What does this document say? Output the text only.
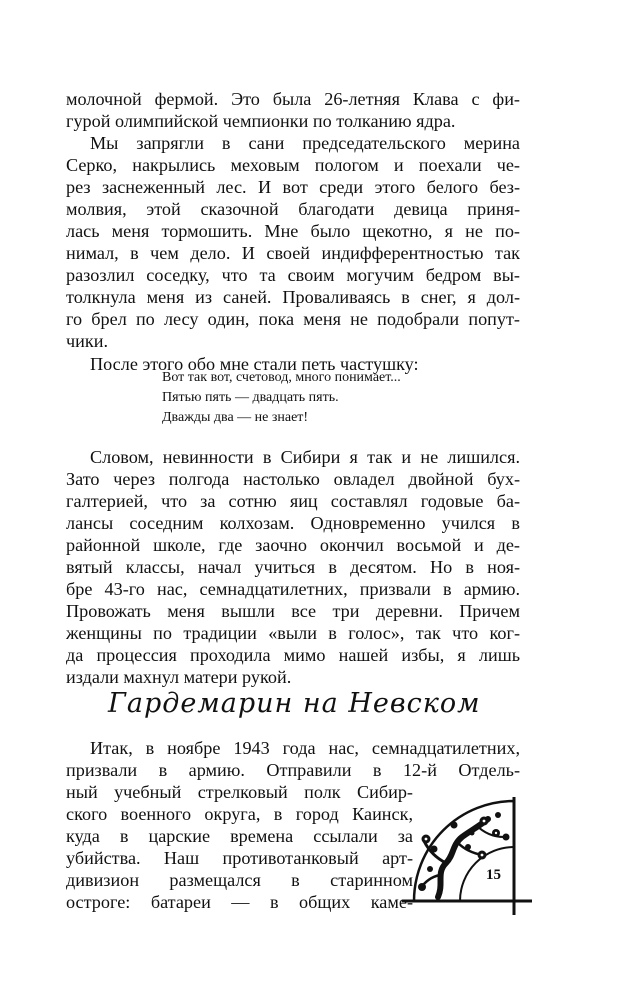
молочной фермой. Это была 26-летняя Клава с фи-
гурой олимпийской чемпионки по толканию ядра.
Мы запрягли в сани председательского мерина
Серко, накрылись меховым пологом и поехали че-
рез заснеженный лес. И вот среди этого белого без-
молвия, этой сказочной благодати девица приня-
лась меня тормошить. Мне было щекотно, я не по-
нимал, в чем дело. И своей индифферентностью так
разозлил соседку, что та своим могучим бедром вы-
толкнула меня из саней. Проваливаясь в снег, я дол-
го брел по лесу один, пока меня не подобрали попут-
чики.
После этого обо мне стали петь частушку:
Вот так вот, счетовод, много понимает...
Пятью пять — двадцать пять.
Дважды два — не знает!
Словом, невинности в Сибири я так и не лишился.
Зато через полгода настолько овладел двойной бух-
галтерией, что за сотню яиц составлял годовые ба-
лансы соседним колхозам. Одновременно учился в
районной школе, где заочно окончил восьмой и де-
вятый классы, начал учиться в десятом. Но в ноя-
бре 43-го нас, семнадцатилетних, призвали в армию.
Провожать меня вышли все три деревни. Причем
женщины по традиции «выли в голос», так что ког-
да процессия проходила мимо нашей избы, я лишь
издали махнул матери рукой.
Гардемарин на Невском
Итак, в ноябре 1943 года нас, семнадцатилетних,
призвали в армию. Отправили в 12-й Отдель-
ный учебный стрелковый полк Сибир-
ского военного округа, в город Каинск,
куда в царские времена ссылали за
убийства. Наш противотанковый арт-
дивизион размещался в старинном
остроге: батареи — в общих каме-
15
